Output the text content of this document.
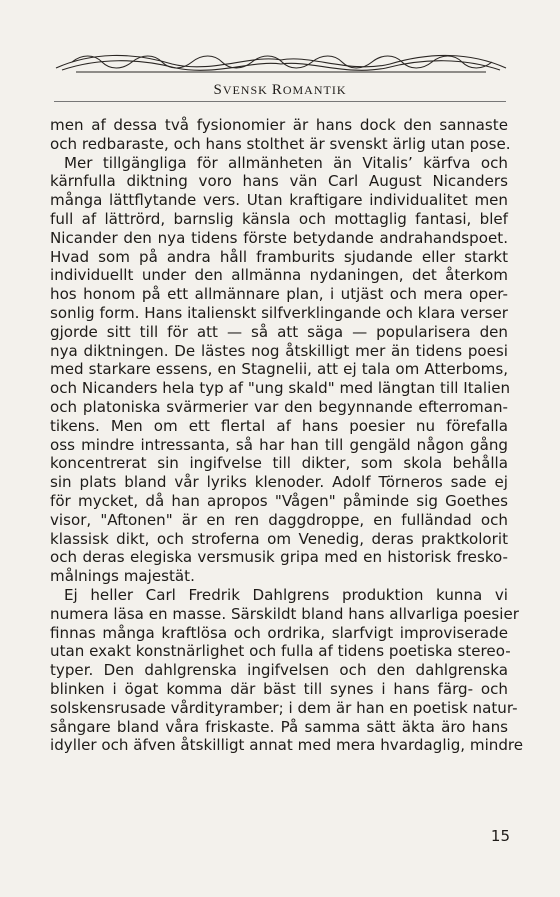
SVENSK ROMANTIK
men af dessa två fysionomier är hans dock den sannaste
och redbaraste, och hans stolthet är svenskt ärlig utan pose.
Mer tillgängliga för allmänheten än Vitalis’ kärfva och
kärnfulla diktning voro hans vän Carl August Nicanders
många lättflytande vers. Utan kraftigare individualitet men
full af lättrörd, barnslig känsla och mottaglig fantasi, blef
Nicander den nya tidens förste betydande andrahandspoet.
Hvad som på andra håll framburits sjudande eller starkt
individuellt under den allmänna nydaningen, det återkom
hos honom på ett allmännare plan, i utjäst och mera oper-
sonlig form. Hans italienskt silfverklingande och klara verser
gjorde sitt till för att — så att säga — popularisera den
nya diktningen. De lästes nog åtskilligt mer än tidens poesi
med starkare essens, en Stagnelii, att ej tala om Atterboms,
och Nicanders hela typ af "ung skald" med längtan till Italien
och platoniska svärmerier var den begynnande efterroman-
tikens. Men om ett flertal af hans poesier nu förefalla
oss mindre intressanta, så har han till gengäld någon gång
koncentrerat sin ingifvelse till dikter, som skola behålla
sin plats bland vår lyriks klenoder. Adolf Törneros sade ej
för mycket, då han apropos "Vågen" påminde sig Goethes
visor, "Aftonen" är en ren daggdroppe, en fulländad och
klassisk dikt, och stroferna om Venedig, deras praktkolorit
och deras elegiska versmusik gripa med en historisk fresko-
målnings majestät.
Ej heller Carl Fredrik Dahlgrens produktion kunna vi
numera läsa en masse. Särskildt bland hans allvarliga poesier
finnas många kraftlösa och ordrika, slarfvigt improviserade
utan exakt konstnärlighet och fulla af tidens poetiska stereo-
typer. Den dahlgrenska ingifvelsen och den dahlgrenska
blinken i ögat komma där bäst till synes i hans färg- och
solskensrusade vårdityramber; i dem är han en poetisk natur-
sångare bland våra friskaste. På samma sätt äkta äro hans
idyller och äfven åtskilligt annat med mera hvardaglig, mindre
15
